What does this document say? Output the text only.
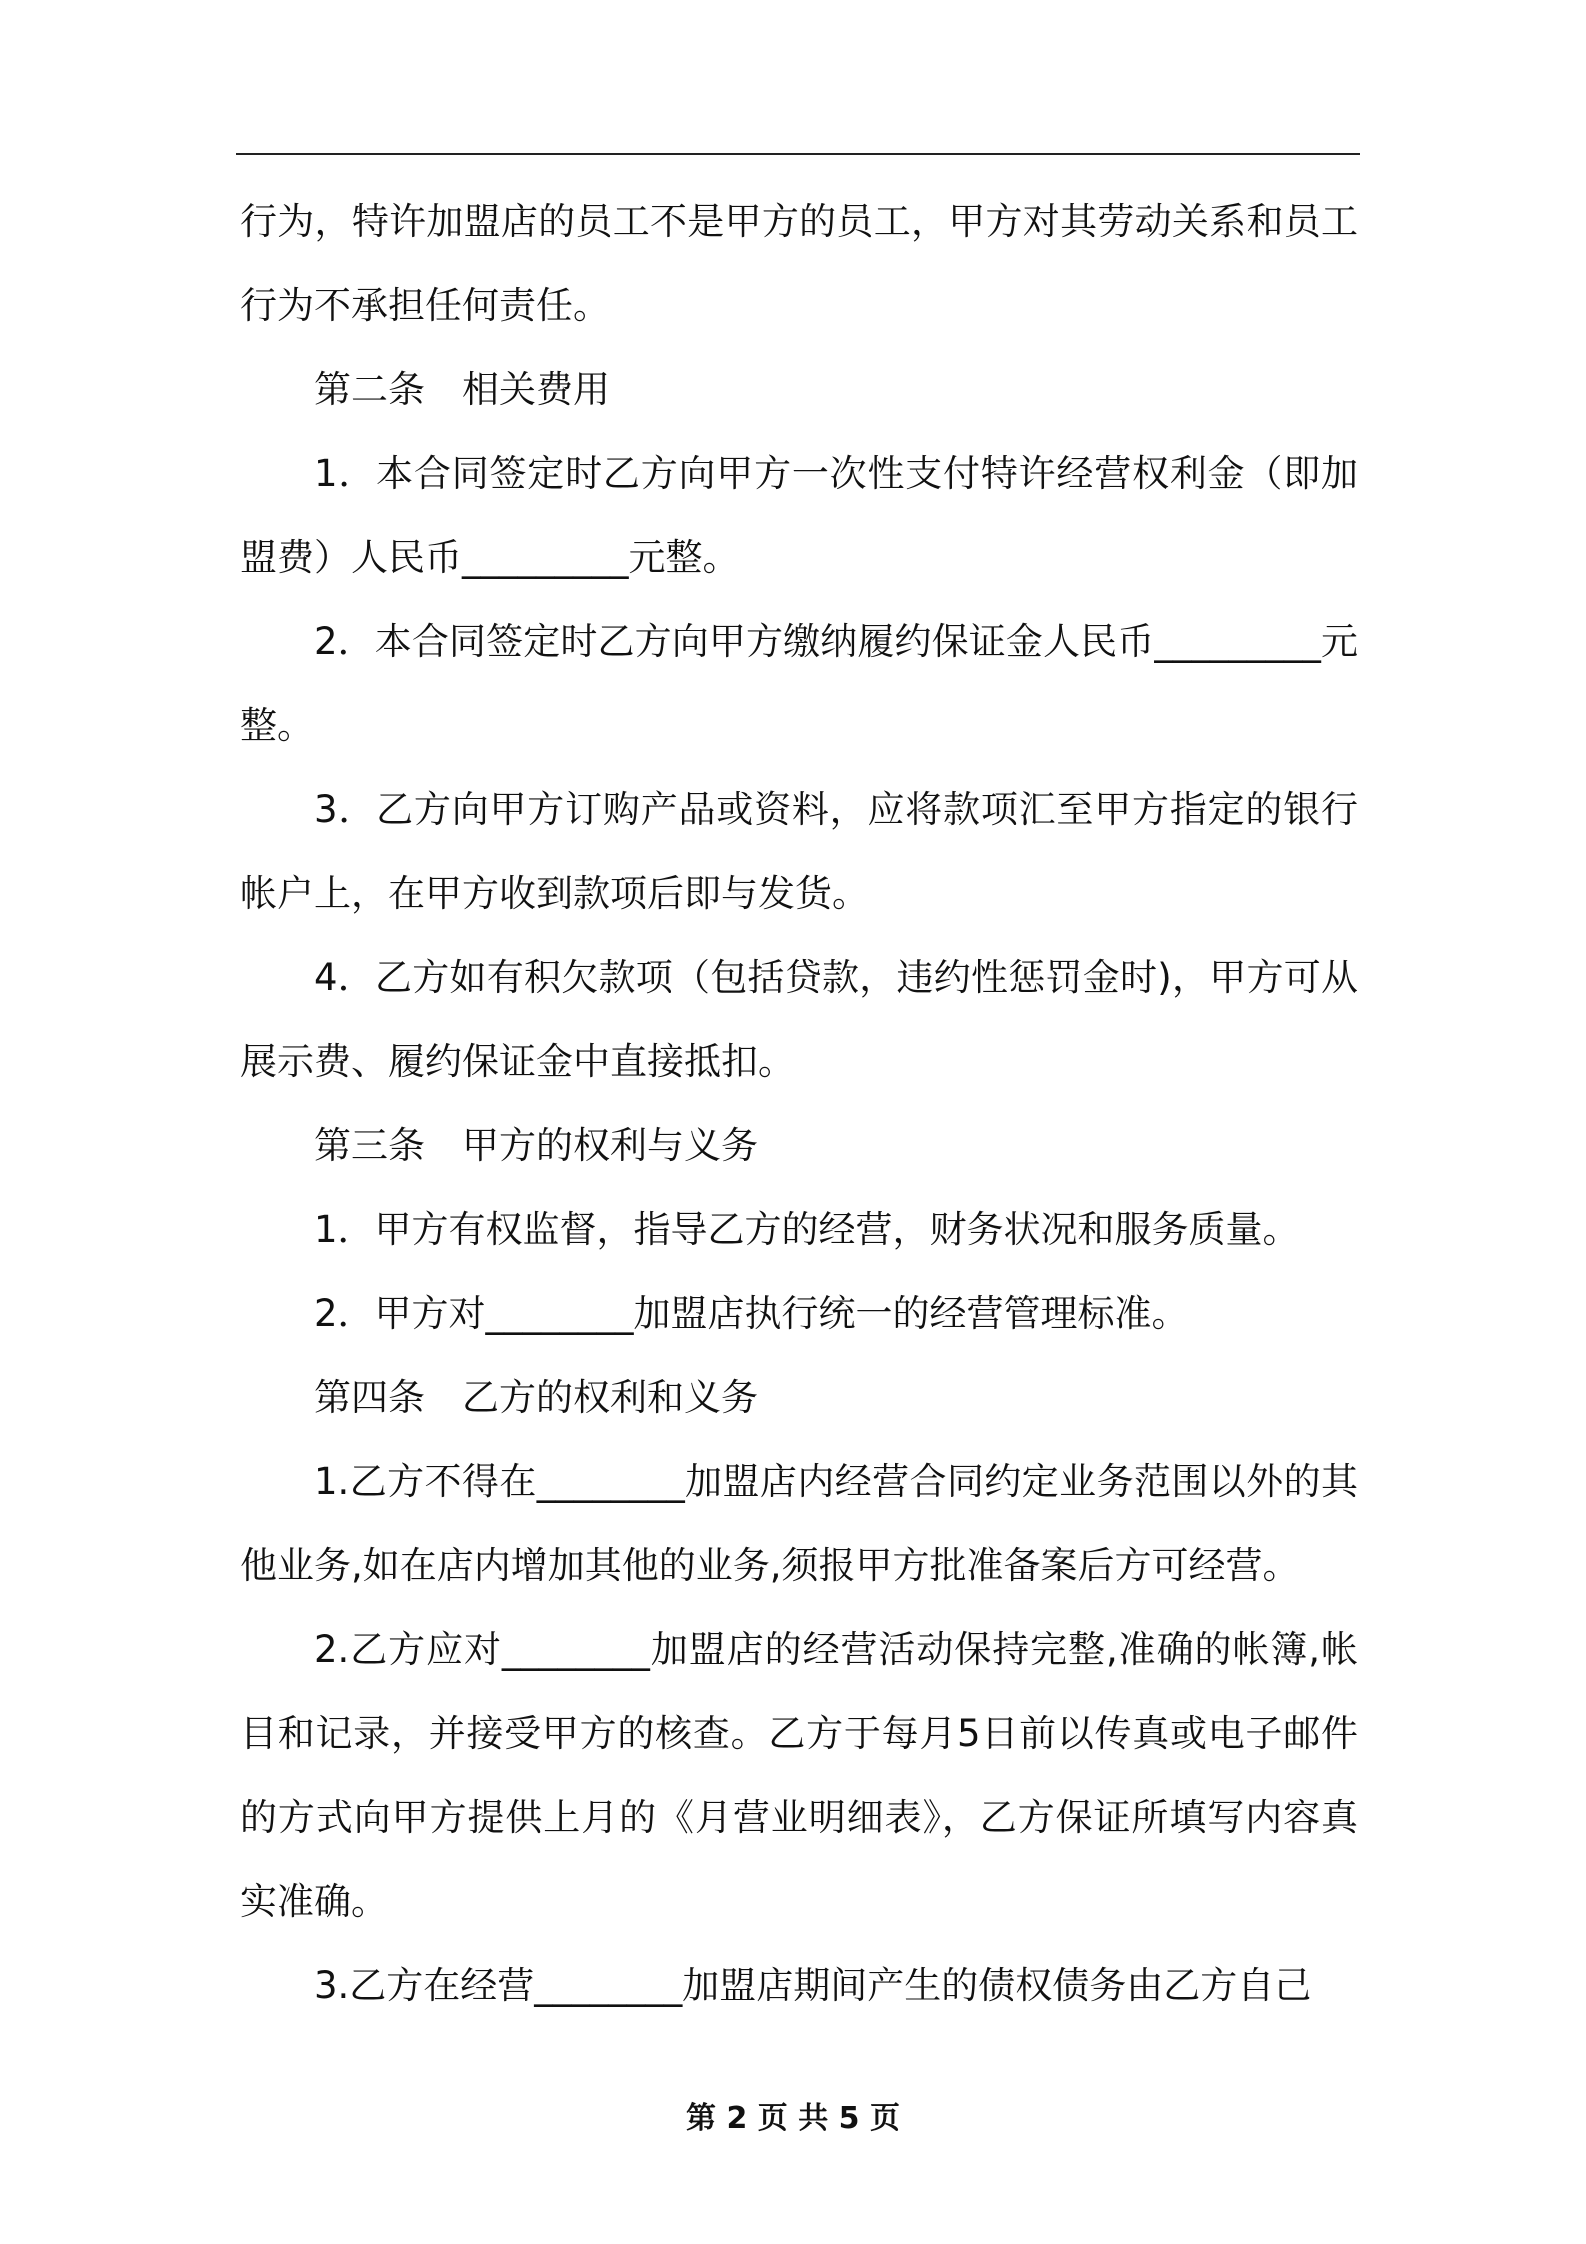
行为，特许加盟店的员工不是甲方的员工，甲方对其劳动关系和员工行为不承担任何责任。

第二条　相关费用

1．本合同签定时乙方向甲方一次性支付特许经营权利金（即加盟费）人民币_________元整。

2．本合同签定时乙方向甲方缴纳履约保证金人民币_________元整。

3．乙方向甲方订购产品或资料，应将款项汇至甲方指定的银行帐户上，在甲方收到款项后即与发货。

4．乙方如有积欠款项（包括贷款，违约性惩罚金时)，甲方可从展示费、履约保证金中直接抵扣。

第三条　甲方的权利与义务

1．甲方有权监督，指导乙方的经营，财务状况和服务质量。

2．甲方对________加盟店执行统一的经营管理标准。

第四条　乙方的权利和义务

1.乙方不得在________加盟店内经营合同约定业务范围以外的其他业务,如在店内增加其他的业务,须报甲方批准备案后方可经营。

2.乙方应对________加盟店的经营活动保持完整,准确的帐簿,帐目和记录，并接受甲方的核查。乙方于每月5日前以传真或电子邮件的方式向甲方提供上月的《月营业明细表》，乙方保证所填写内容真实准确。

3.乙方在经营________加盟店期间产生的债权债务由乙方自己

第 2 页 共 5 页
